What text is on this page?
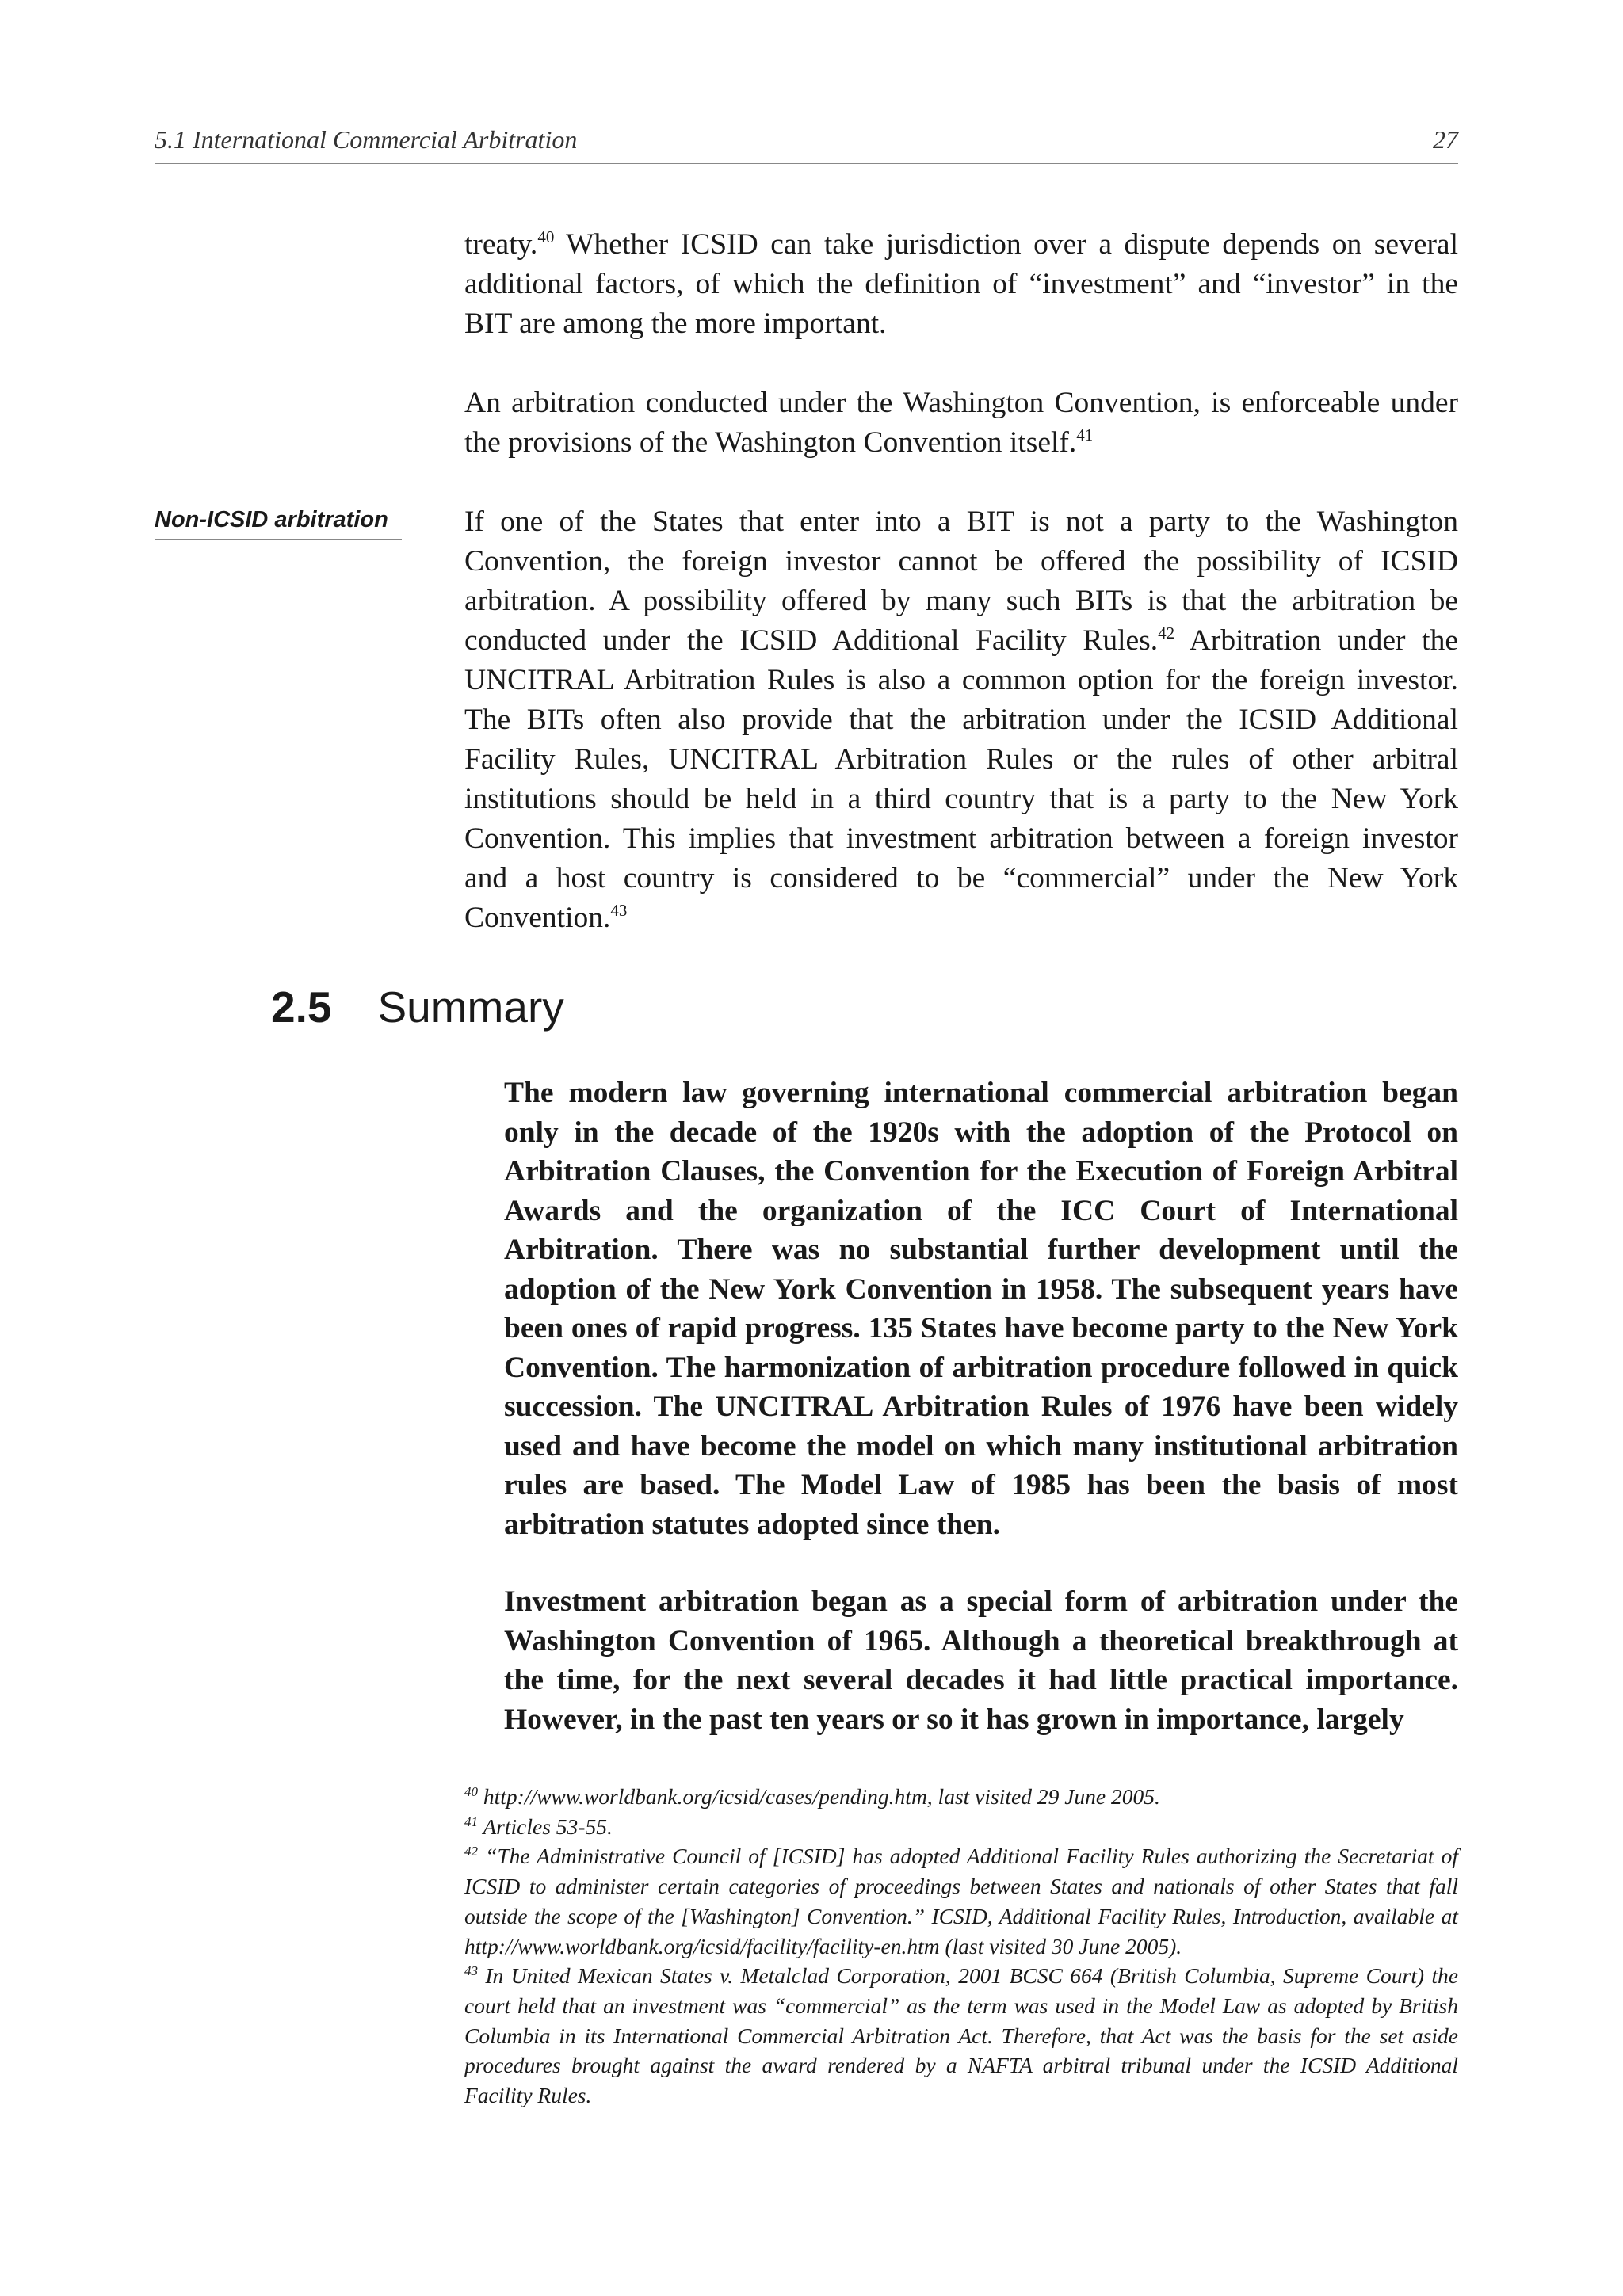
5.1 International Commercial Arbitration	27

treaty.$^{40}$ Whether ICSID can take jurisdiction over a dispute depends on several additional factors, of which the definition of “investment” and “investor” in the BIT are among the more important.

An arbitration conducted under the Washington Convention, is enforceable under the provisions of the Washington Convention itself.$^{41}$

Non-ICSID arbitration	If one of the States that enter into a BIT is not a party to the Washington Convention, the foreign investor cannot be offered the possibility of ICSID arbitration. A possibility offered by many such BITs is that the arbitration be conducted under the ICSID Additional Facility Rules.$^{42}$ Arbitration under the UNCITRAL Arbitration Rules is also a common option for the foreign investor. The BITs often also provide that the arbitration under the ICSID Additional Facility Rules, UNCITRAL Arbitration Rules or the rules of other arbitral institutions should be held in a third country that is a party to the New York Convention. This implies that investment arbitration between a foreign investor and a host country is considered to be “commercial” under the New York Convention.$^{43}$

2.5 Summary

The modern law governing international commercial arbitration began only in the decade of the 1920s with the adoption of the Protocol on Arbitration Clauses, the Convention for the Execution of Foreign Arbitral Awards and the organization of the ICC Court of International Arbitration. There was no substantial further development until the adoption of the New York Convention in 1958. The subsequent years have been ones of rapid progress. 135 States have become party to the New York Convention. The harmonization of arbitration procedure followed in quick succession. The UNCITRAL Arbitration Rules of 1976 have been widely used and have become the model on which many institutional arbitration rules are based. The Model Law of 1985 has been the basis of most arbitration statutes adopted since then.

Investment arbitration began as a special form of arbitration under the Washington Convention of 1965. Although a theoretical breakthrough at the time, for the next several decades it had little practical importance. However, in the past ten years or so it has grown in importance, largely

$^{40}$ http://www.worldbank.org/icsid/cases/pending.htm, last visited 29 June 2005.

$^{41}$ Articles 53-55.

$^{42}$ “The Administrative Council of [ICSID] has adopted Additional Facility Rules authorizing the Secretariat of ICSID to administer certain categories of proceedings between States and nationals of other States that fall outside the scope of the [Washington] Convention.” ICSID, Additional Facility Rules, Introduction, available at http://www.worldbank.org/icsid/facility/facility-en.htm (last visited 30 June 2005).

$^{43}$ In United Mexican States v. Metalclad Corporation, 2001 BCSC 664 (British Columbia, Supreme Court) the court held that an investment was “commercial” as the term was used in the Model Law as adopted by British Columbia in its International Commercial Arbitration Act. Therefore, that Act was the basis for the set aside procedures brought against the award rendered by a NAFTA arbitral tribunal under the ICSID Additional Facility Rules.
